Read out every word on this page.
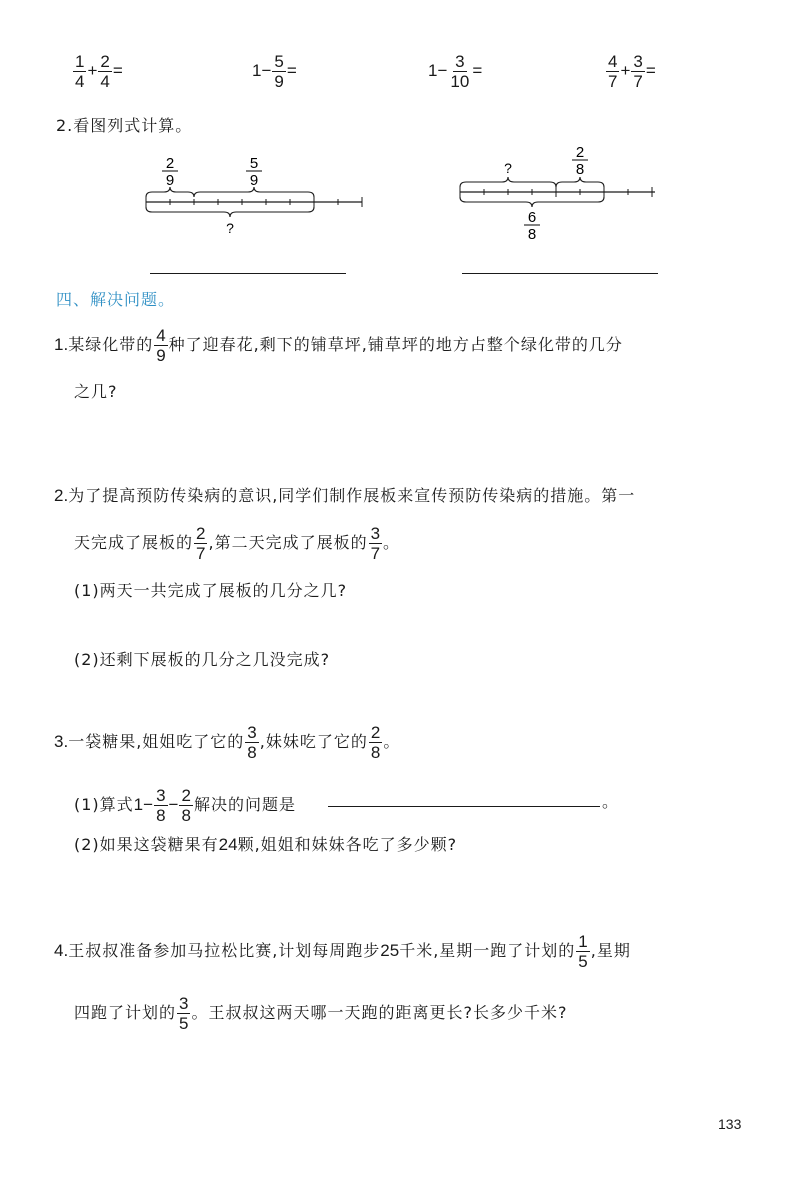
$\frac{1}{4} + \frac{2}{4}$ =	$1- \frac{5}{9}$ =	$1- \frac{3}{10}$ =	$\frac{4}{7} + \frac{3}{7}$ =
2.看图列式计算。
2
9
5
9
?
?
2
8
6
8
四、解决问题。
1.某绿化带的 $\frac{4}{9}$ 种了迎春花,剩下的铺草坪,铺草坪的地方占整个绿化带的几分
之几?
2.为了提高预防传染病的意识,同学们制作展板来宣传预防传染病的措施。第一
天完成了展板的 $\frac{2}{7}$ ,第二天完成了展板的 $\frac{3}{7}$ 。
(1)两天一共完成了展板的几分之几?
(2)还剩下展板的几分之几没完成?
3.一袋糖果,姐姐吃了它的 $\frac{3}{8}$ ,妹妹吃了它的 $\frac{2}{8}$ 。
(1)算式$1- \frac{3}{8} - \frac{2}{8}$ 解决的问题是	。
(2)如果这袋糖果有24颗,姐姐和妹妹各吃了多少颗?
4.王叔叔准备参加马拉松比赛,计划每周跑步25千米,星期一跑了计划的 $\frac{1}{5}$ ,星期
四跑了计划的 $\frac{3}{5}$ 。王叔叔这两天哪一天跑的距离更长?长多少千米?
133
